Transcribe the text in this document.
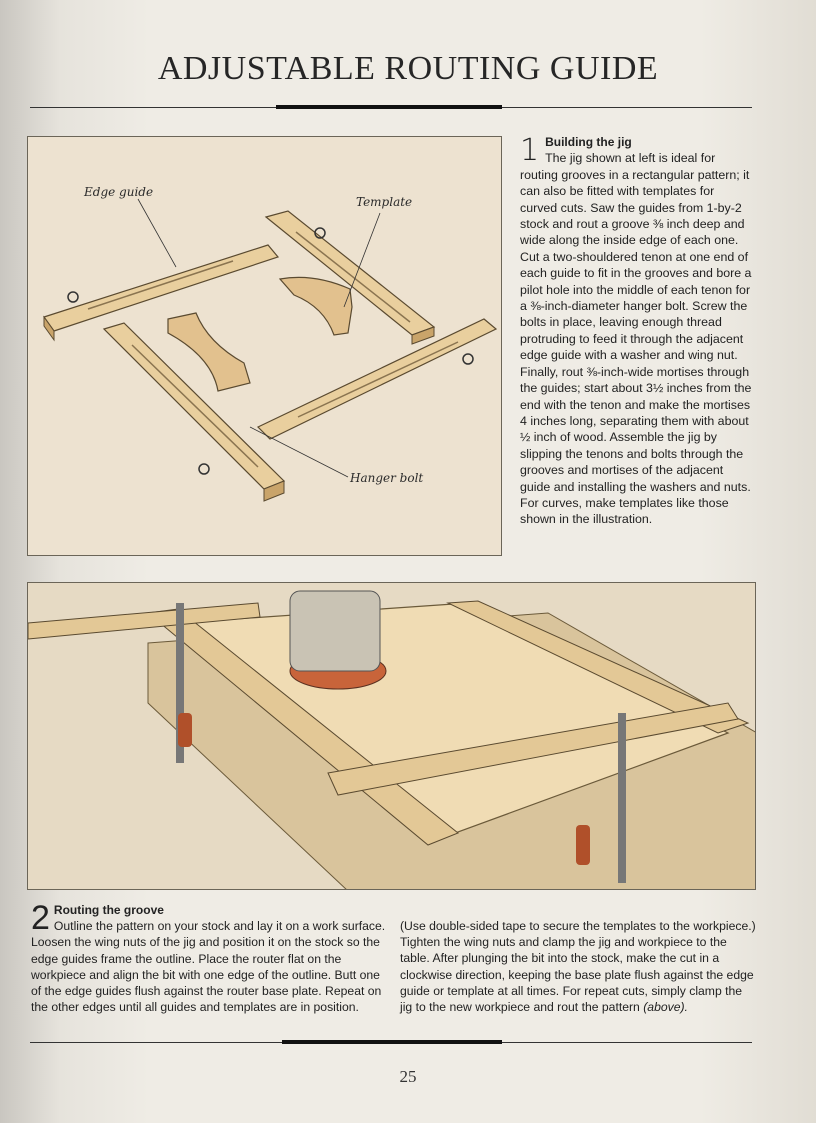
ADJUSTABLE ROUTING GUIDE
Edge guide
Template
Hanger bolt
1 Building the jig
The jig shown at left is ideal for routing grooves in a rectangular pattern; it can also be fitted with templates for curved cuts. Saw the guides from 1-by-2 stock and rout a groove ⅜ inch deep and wide along the inside edge of each one. Cut a two-shouldered tenon at one end of each guide to fit in the grooves and bore a pilot hole into the middle of each tenon for a ⅜-inch-diameter hanger bolt. Screw the bolts in place, leaving enough thread protruding to feed it through the adjacent edge guide with a washer and wing nut. Finally, rout ⅜-inch-wide mortises through the guides; start about 3½ inches from the end with the tenon and make the mortises 4 inches long, separating them with about ½ inch of wood. Assemble the jig by slipping the tenons and bolts through the grooves and mortises of the adjacent guide and installing the washers and nuts. For curves, make templates like those shown in the illustration.
2 Routing the groove
Outline the pattern on your stock and lay it on a work surface. Loosen the wing nuts of the jig and position it on the stock so the edge guides frame the outline. Place the router flat on the workpiece and align the bit with one edge of the outline. Butt one of the edge guides flush against the router base plate. Repeat on the other edges until all guides and templates are in position.
(Use double-sided tape to secure the templates to the workpiece.) Tighten the wing nuts and clamp the jig and workpiece to the table. After plunging the bit into the stock, make the cut in a clockwise direction, keeping the base plate flush against the edge guide or template at all times. For repeat cuts, simply clamp the jig to the new workpiece and rout the pattern (above).
25
